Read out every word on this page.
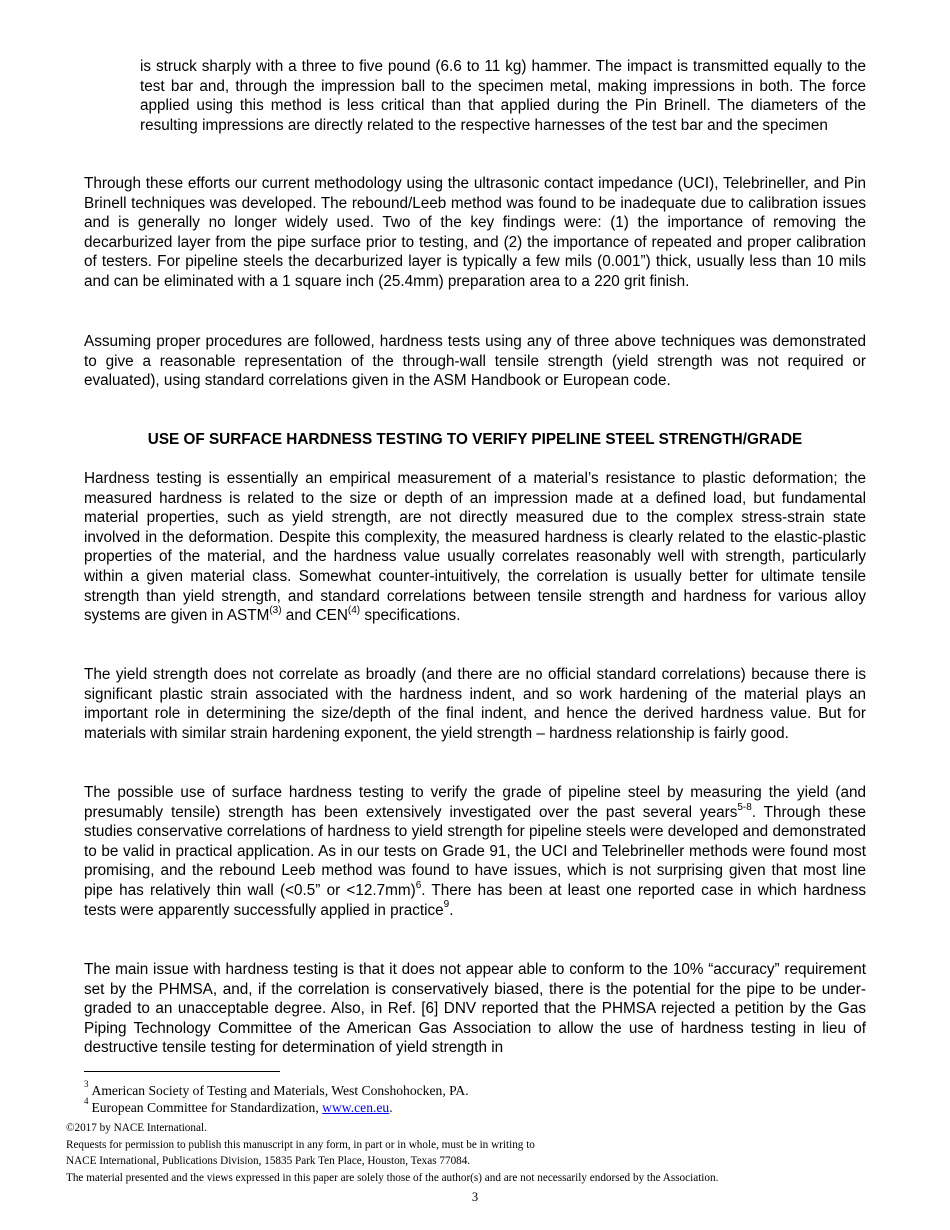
is struck sharply with a three to five pound (6.6 to 11 kg) hammer. The impact is transmitted equally to the test bar and, through the impression ball to the specimen metal, making impressions in both. The force applied using this method is less critical than that applied during the Pin Brinell. The diameters of the resulting impressions are directly related to the respective harnesses of the test bar and the specimen

Through these efforts our current methodology using the ultrasonic contact impedance (UCI), Telebrineller, and Pin Brinell techniques was developed. The rebound/Leeb method was found to be inadequate due to calibration issues and is generally no longer widely used. Two of the key findings were: (1) the importance of removing the decarburized layer from the pipe surface prior to testing, and (2) the importance of repeated and proper calibration of testers. For pipeline steels the decarburized layer is typically a few mils (0.001”) thick, usually less than 10 mils and can be eliminated with a 1 square inch (25.4mm) preparation area to a 220 grit finish.

Assuming proper procedures are followed, hardness tests using any of three above techniques was demonstrated to give a reasonable representation of the through-wall tensile strength (yield strength was not required or evaluated), using standard correlations given in the ASM Handbook or European code.

USE OF SURFACE HARDNESS TESTING TO VERIFY PIPELINE STEEL STRENGTH/GRADE

Hardness testing is essentially an empirical measurement of a material’s resistance to plastic deformation; the measured hardness is related to the size or depth of an impression made at a defined load, but fundamental material properties, such as yield strength, are not directly measured due to the complex stress-strain state involved in the deformation. Despite this complexity, the measured hardness is clearly related to the elastic-plastic properties of the material, and the hardness value usually correlates reasonably well with strength, particularly within a given material class. Somewhat counter-intuitively, the correlation is usually better for ultimate tensile strength than yield strength, and standard correlations between tensile strength and hardness for various alloy systems are given in ASTM$^{(3)}$ and CEN$^{(4)}$ specifications.

The yield strength does not correlate as broadly (and there are no official standard correlations) because there is significant plastic strain associated with the hardness indent, and so work hardening of the material plays an important role in determining the size/depth of the final indent, and hence the derived hardness value. But for materials with similar strain hardening exponent, the yield strength – hardness relationship is fairly good.

The possible use of surface hardness testing to verify the grade of pipeline steel by measuring the yield (and presumably tensile) strength has been extensively investigated over the past several years$^{5-8}$. Through these studies conservative correlations of hardness to yield strength for pipeline steels were developed and demonstrated to be valid in practical application. As in our tests on Grade 91, the UCI and Telebrineller methods were found most promising, and the rebound Leeb method was found to have issues, which is not surprising given that most line pipe has relatively thin wall (<0.5” or <12.7mm)$^6$. There has been at least one reported case in which hardness tests were apparently successfully applied in practice$^9$.

The main issue with hardness testing is that it does not appear able to conform to the 10% “accuracy” requirement set by the PHMSA, and, if the correlation is conservatively biased, there is the potential for the pipe to be under-graded to an unacceptable degree. Also, in Ref. [6] DNV reported that the PHMSA rejected a petition by the Gas Piping Technology Committee of the American Gas Association to allow the use of hardness testing in lieu of destructive tensile testing for determination of yield strength in

$^3$ American Society of Testing and Materials, West Conshohocken, PA.

$^4$ European Committee for Standardization, www.cen.eu.

©2017 by NACE International.

Requests for permission to publish this manuscript in any form, in part or in whole, must be in writing to

NACE International, Publications Division, 15835 Park Ten Place, Houston, Texas 77084.

The material presented and the views expressed in this paper are solely those of the author(s) and are not necessarily endorsed by the Association.

3
